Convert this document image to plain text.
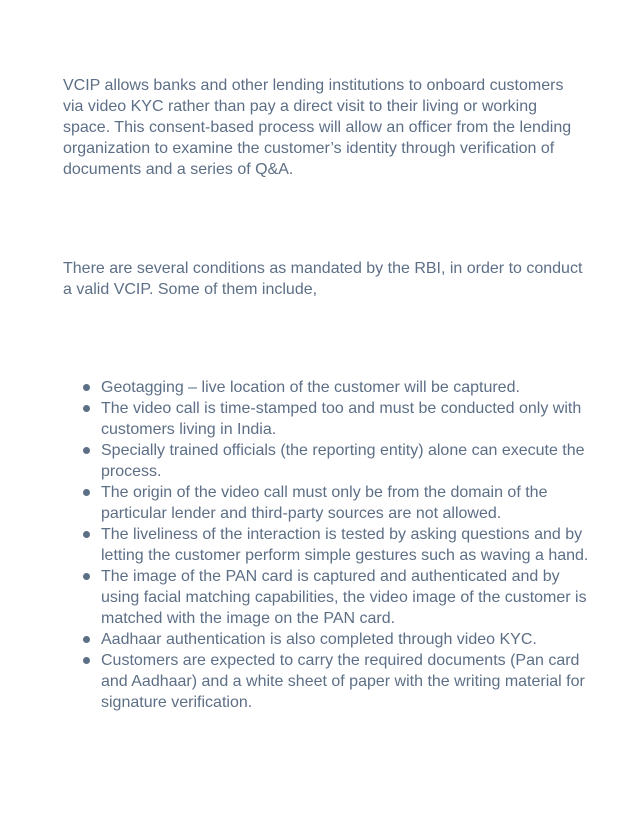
VCIP allows banks and other lending institutions to onboard customers via video KYC rather than pay a direct visit to their living or working space. This consent-based process will allow an officer from the lending organization to examine the customer’s identity through verification of documents and a series of Q&A.

There are several conditions as mandated by the RBI, in order to conduct a valid VCIP. Some of them include,

Geotagging – live location of the customer will be captured.
The video call is time-stamped too and must be conducted only with customers living in India.
Specially trained officials (the reporting entity) alone can execute the process.
The origin of the video call must only be from the domain of the particular lender and third-party sources are not allowed.
The liveliness of the interaction is tested by asking questions and by letting the customer perform simple gestures such as waving a hand.
The image of the PAN card is captured and authenticated and by using facial matching capabilities, the video image of the customer is matched with the image on the PAN card.
Aadhaar authentication is also completed through video KYC.
Customers are expected to carry the required documents (Pan card and Aadhaar) and a white sheet of paper with the writing material for signature verification.
